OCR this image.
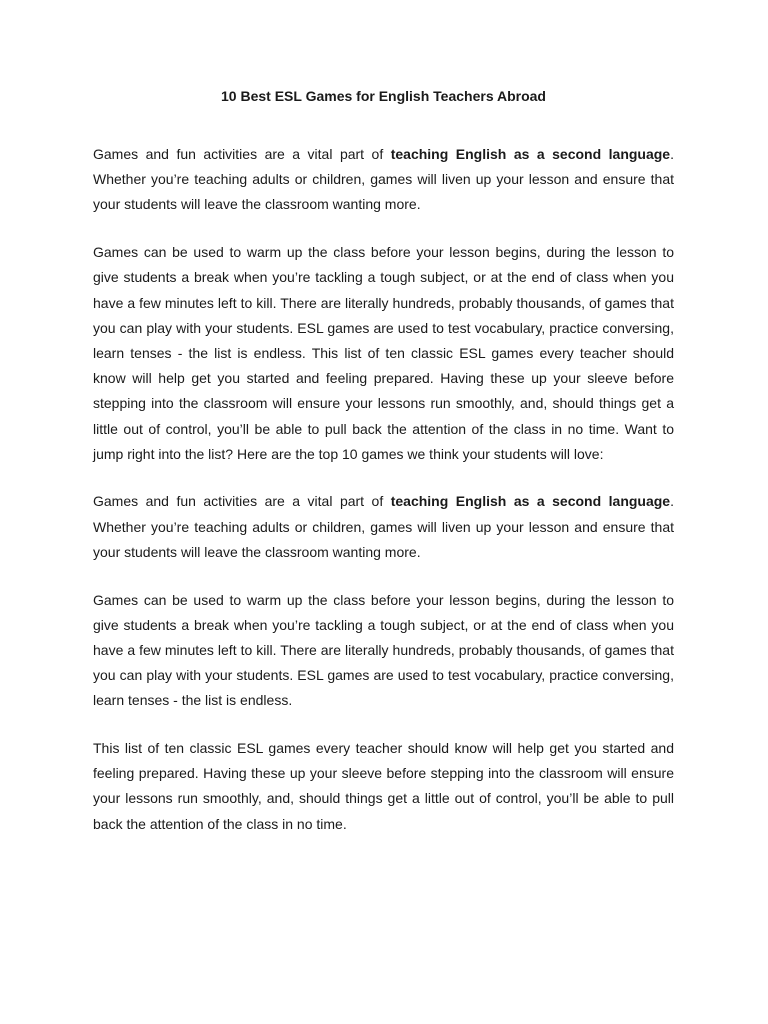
10 Best ESL Games for English Teachers Abroad

Games and fun activities are a vital part of teaching English as a second language. Whether you’re teaching adults or children, games will liven up your lesson and ensure that your students will leave the classroom wanting more.

Games can be used to warm up the class before your lesson begins, during the lesson to give students a break when you’re tackling a tough subject, or at the end of class when you have a few minutes left to kill. There are literally hundreds, probably thousands, of games that you can play with your students. ESL games are used to test vocabulary, practice conversing, learn tenses - the list is endless. This list of ten classic ESL games every teacher should know will help get you started and feeling prepared. Having these up your sleeve before stepping into the classroom will ensure your lessons run smoothly, and, should things get a little out of control, you’ll be able to pull back the attention of the class in no time. Want to jump right into the list? Here are the top 10 games we think your students will love:

Games and fun activities are a vital part of teaching English as a second language. Whether you’re teaching adults or children, games will liven up your lesson and ensure that your students will leave the classroom wanting more.

Games can be used to warm up the class before your lesson begins, during the lesson to give students a break when you’re tackling a tough subject, or at the end of class when you have a few minutes left to kill. There are literally hundreds, probably thousands, of games that you can play with your students. ESL games are used to test vocabulary, practice conversing, learn tenses - the list is endless.

This list of ten classic ESL games every teacher should know will help get you started and feeling prepared. Having these up your sleeve before stepping into the classroom will ensure your lessons run smoothly, and, should things get a little out of control, you’ll be able to pull back the attention of the class in no time.
